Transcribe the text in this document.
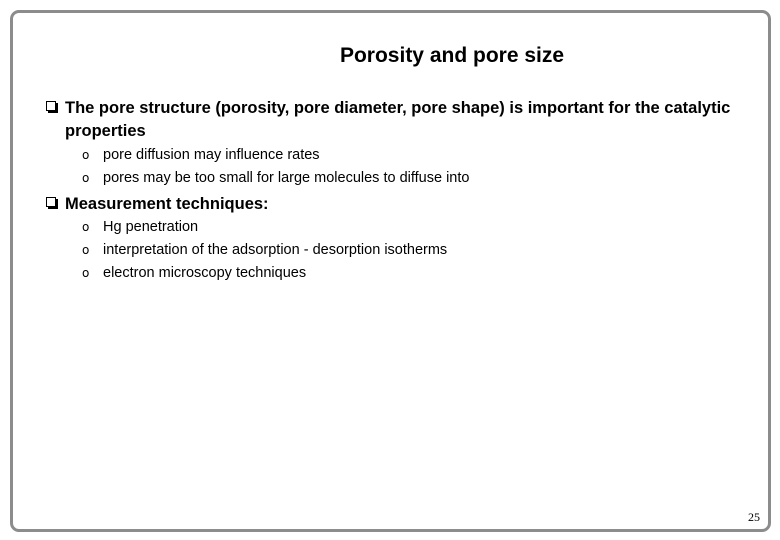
Porosity and pore size
The pore structure (porosity, pore diameter, pore shape) is important for the catalytic properties
o pore diffusion may influence rates
o pores may be too small for large molecules to diffuse into
Measurement techniques:
o Hg penetration
o interpretation of the adsorption - desorption isotherms
o electron microscopy techniques
25
